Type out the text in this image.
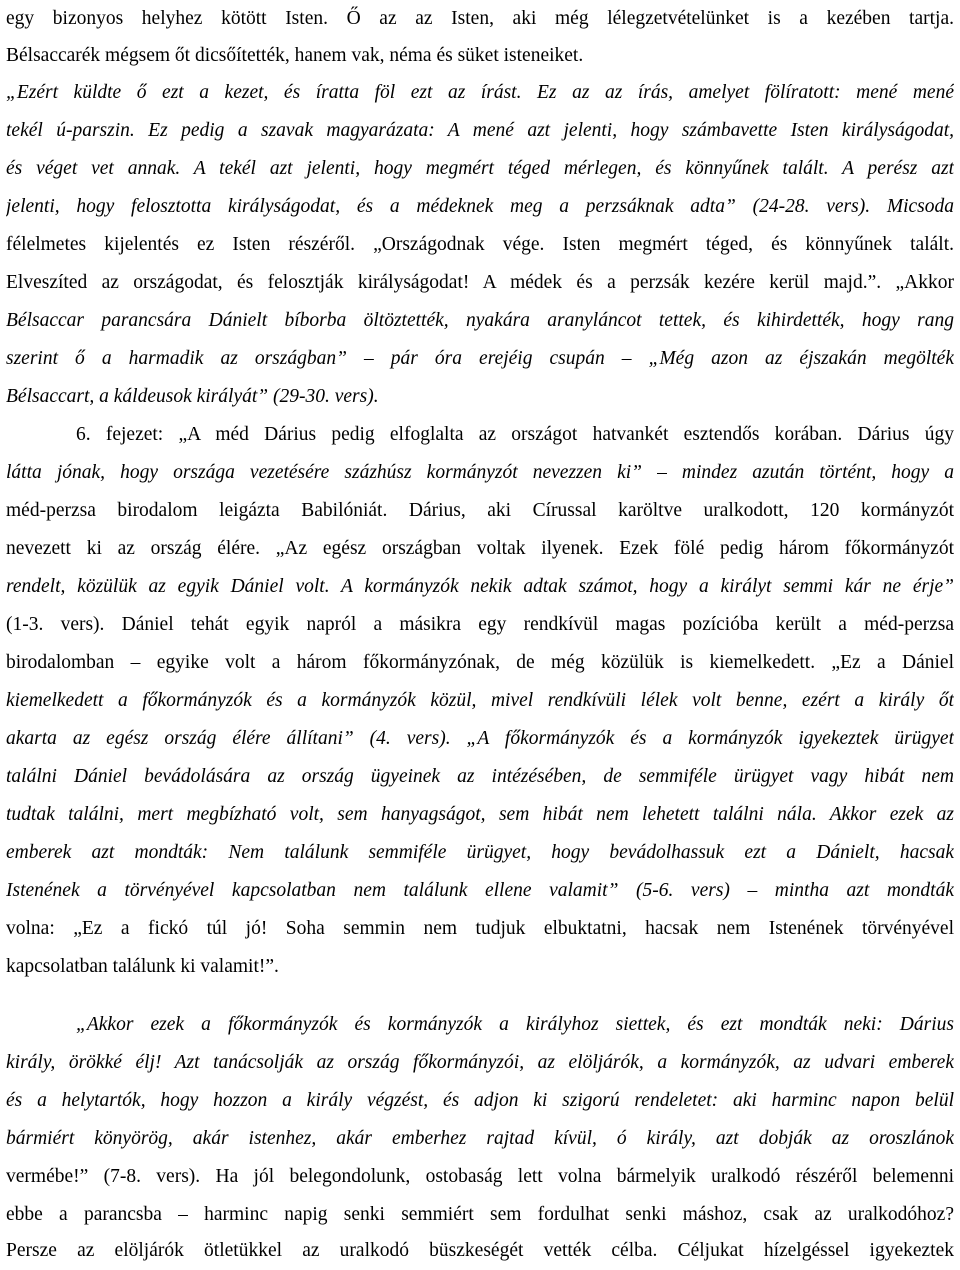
egy bizonyos helyhez kötött Isten. Ő az az Isten, aki még lélegzetvételünket is a kezében tartja.
Bélsaccarék mégsem őt dicsőítették, hanem vak, néma és süket isteneiket.
„Ezért küldte ő ezt a kezet, és íratta föl ezt az írást. Ez az az írás, amelyet fölíratott: mené mené
tekél ú-parszin. Ez pedig a szavak magyarázata: A mené azt jelenti, hogy számbavette Isten királyságodat,
és véget vet annak. A tekél azt jelenti, hogy megmért téged mérlegen, és könnyűnek talált. A perész azt
jelenti, hogy felosztotta királyságodat, és a médeknek meg a perzsáknak adta” (24-28. vers). Micsoda
félelmetes kijelentés ez Isten részéről. „Országodnak vége. Isten megmért téged, és könnyűnek talált.
Elveszíted az országodat, és felosztják királyságodat! A médek és a perzsák kezére kerül majd.”. „Akkor
Bélsaccar parancsára Dánielt bíborba öltöztették, nyakára aranyláncot tettek, és kihirdették, hogy rang
szerint ő a harmadik az országban” – pár óra erejéig csupán – „Még azon az éjszakán megölték
Bélsaccart, a káldeusok királyát” (29-30. vers).
6. fejezet: „A méd Dárius pedig elfoglalta az országot hatvankét esztendős korában. Dárius úgy
látta jónak, hogy országa vezetésére százhúsz kormányzót nevezzen ki” – mindez azután történt, hogy a
méd-perzsa birodalom leigázta Babilóniát. Dárius, aki Círussal karöltve uralkodott, 120 kormányzót
nevezett ki az ország élére. „Az egész országban voltak ilyenek. Ezek fölé pedig három főkormányzót
rendelt, közülük az egyik Dániel volt. A kormányzók nekik adtak számot, hogy a királyt semmi kár ne érje”
(1-3. vers). Dániel tehát egyik napról a másikra egy rendkívül magas pozícióba került a méd-perzsa
birodalomban – egyike volt a három főkormányzónak, de még közülük is kiemelkedett. „Ez a Dániel
kiemelkedett a főkormányzók és a kormányzók közül, mivel rendkívüli lélek volt benne, ezért a király őt
akarta az egész ország élére állítani” (4. vers). „A főkormányzók és a kormányzók igyekeztek ürügyet
találni Dániel bevádolására az ország ügyeinek az intézésében, de semmiféle ürügyet vagy hibát nem
tudtak találni, mert megbízható volt, sem hanyagságot, sem hibát nem lehetett találni nála. Akkor ezek az
emberek azt mondták: Nem találunk semmiféle ürügyet, hogy bevádolhassuk ezt a Dánielt, hacsak
Istenének a törvényével kapcsolatban nem találunk ellene valamit” (5-6. vers) – mintha azt mondták
volna: „Ez a fickó túl jó! Soha semmin nem tudjuk elbuktatni, hacsak nem Istenének törvényével
kapcsolatban találunk ki valamit!”.
„Akkor ezek a főkormányzók és kormányzók a királyhoz siettek, és ezt mondták neki: Dárius
király, örökké élj! Azt tanácsolják az ország főkormányzói, az elöljárók, a kormányzók, az udvari emberek
és a helytartók, hogy hozzon a király végzést, és adjon ki szigorú rendeletet: aki harminc napon belül
bármiért könyörög, akár istenhez, akár emberhez rajtad kívül, ó király, azt dobják az oroszlánok
vermébe!” (7-8. vers). Ha jól belegondolunk, ostobaság lett volna bármelyik uralkodó részéről belemenni
ebbe a parancsba – harminc napig senki semmiért sem fordulhat senki máshoz, csak az uralkodóhoz?
Persze az elöljárók ötletükkel az uralkodó büszkeségét vették célba. Céljukat hízelgéssel igyekeztek
